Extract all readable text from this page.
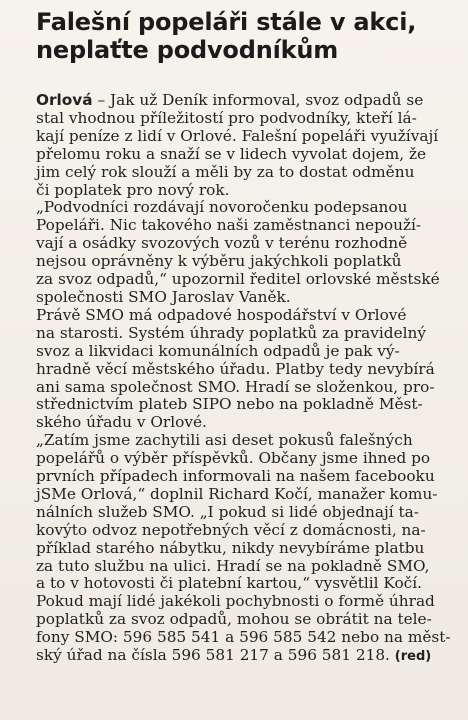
Falešní popeláři stále v akci,
neplaťte podvodníkům

Orlová – Jak už Deník informoval, svoz odpadů se
stal vhodnou příležitostí pro podvodníky, kteří lá-
kají peníze z lidí v Orlové. Falešní popeláři využívají
přelomu roku a snaží se v lidech vyvolat dojem, že
jim celý rok slouží a měli by za to dostat odměnu
či poplatek pro nový rok.

„Podvodníci rozdávají novoročenku podepsanou
Popeláři. Nic takového naši zaměstnanci nepouží-
vají a osádky svozových vozů v terénu rozhodně
nejsou oprávněny k výběru jakýchkoli poplatků
za svoz odpadů,“ upozornil ředitel orlovské městské
společnosti SMO Jaroslav Vaněk.

Právě SMO má odpadové hospodářství v Orlové
na starosti. Systém úhrady poplatků za pravidelný
svoz a likvidaci komunálních odpadů je pak vý-
hradně věcí městského úřadu. Platby tedy nevybírá
ani sama společnost SMO. Hradí se složenkou, pro-
střednictvím plateb SIPO nebo na pokladně Měst-
ského úřadu v Orlové.

„Zatím jsme zachytili asi deset pokusů falešných
popelářů o výběr příspěvků. Občany jsme ihned po
prvních případech informovali na našem facebooku
jSMe Orlová,“ doplnil Richard Kočí, manažer komu-
nálních služeb SMO. „I pokud si lidé objednají ta-
kovýto odvoz nepotřebných věcí z domácnosti, na-
příklad starého nábytku, nikdy nevybíráme platbu
za tuto službu na ulici. Hradí se na pokladně SMO,
a to v hotovosti či platební kartou,“ vysvětlil Kočí.
Pokud mají lidé jakékoli pochybnosti o formě úhrad
poplatků za svoz odpadů, mohou se obrátit na tele-
fony SMO: 596 585 541 a 596 585 542 nebo na měst-
ský úřad na čísla 596 581 217 a 596 581 218. (red)
